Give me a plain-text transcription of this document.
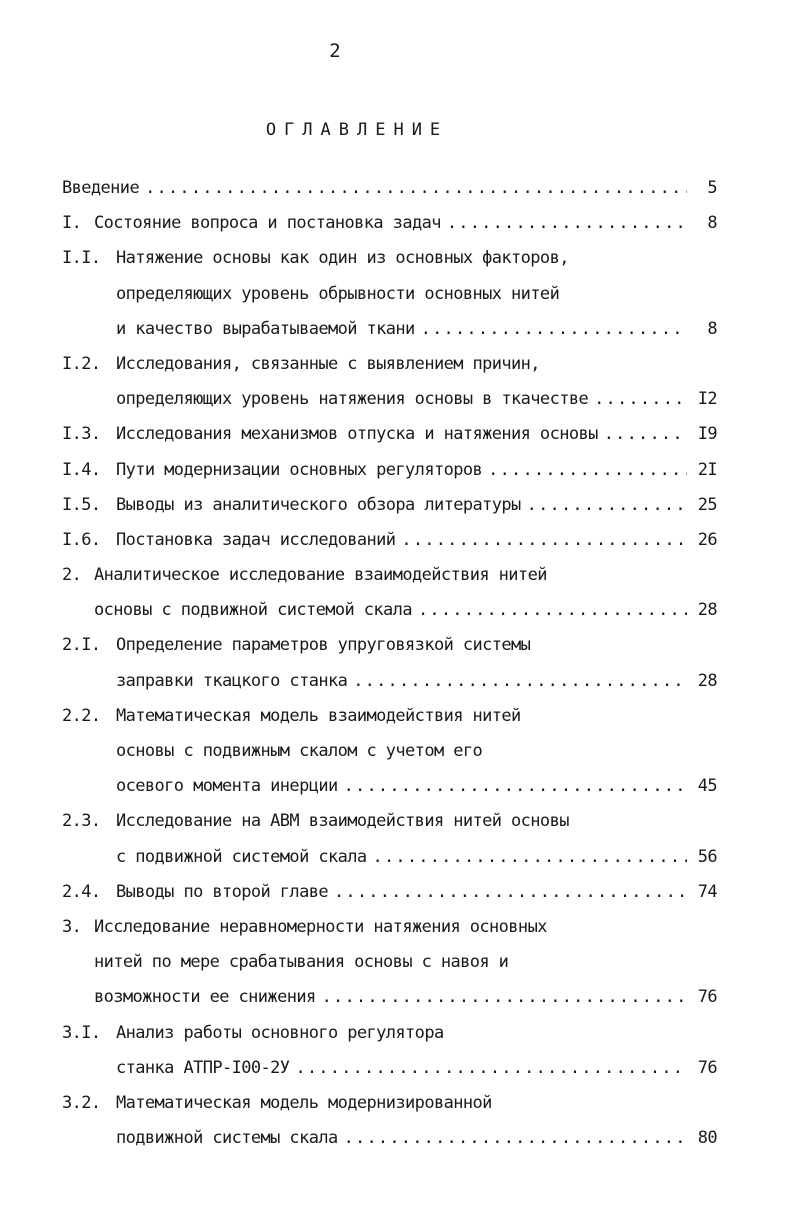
2
ОГЛАВЛЕНИЕ
Введение .....	5
I. Состояние вопроса и постановка задач .....	8
I.I. Натяжение основы как один из основных факторов,
определяющих уровень обрывности основных нитей
и качество вырабатываемой ткани .....	8
I.2. Исследования, связанные с выявлением причин,
определяющих уровень натяжения основы в ткачестве .....	I2
I.3. Исследования механизмов отпуска и натяжения основы .....	I9
I.4. Пути модернизации основных регуляторов .....	2I
I.5. Выводы из аналитического обзора литературы .....	25
I.6. Постановка задач исследований .....	26
2. Аналитическое исследование взаимодействия нитей
основы с подвижной системой скала .....	28
2.I. Определение параметров упруговязкой системы
заправки ткацкого станка .....	28
2.2. Математическая модель взаимодействия нитей
основы с подвижным скалом с учетом его
осевого момента инерции .....	45
2.3. Исследование на АВМ взаимодействия нитей основы
с подвижной системой скала .....	56
2.4. Выводы по второй главе .....	74
3. Исследование неравномерности натяжения основных
нитей по мере срабатывания основы с навоя и
возможности ее снижения .....	76
3.I. Анализ работы основного регулятора
станка АТПР-I00-2У .....	76
3.2. Математическая модель модернизированной
подвижной системы скала .....	80
